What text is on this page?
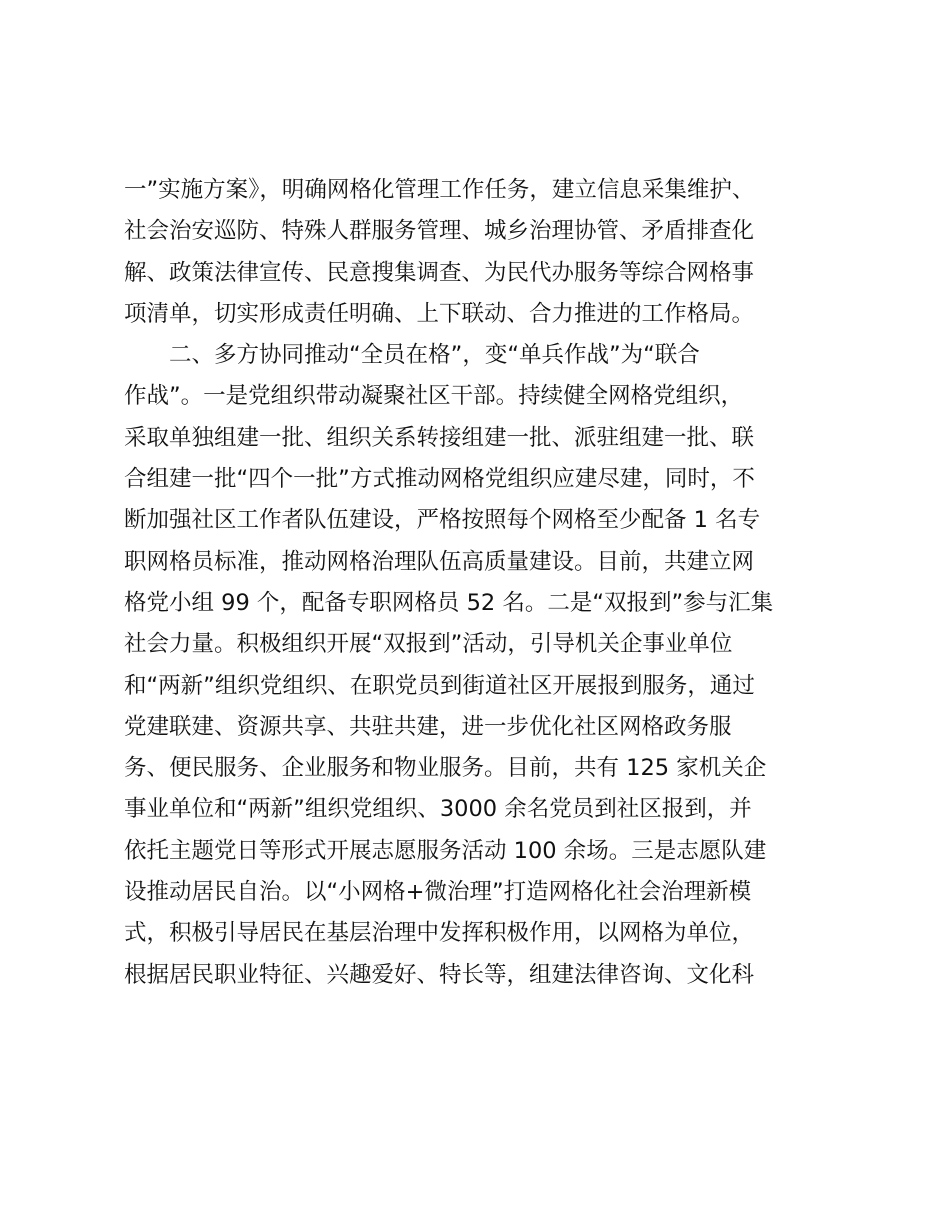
一”实施方案》，明确网格化管理工作任务，建立信息采集维护、
社会治安巡防、特殊人群服务管理、城乡治理协管、矛盾排查化
解、政策法律宣传、民意搜集调查、为民代办服务等综合网格事
项清单，切实形成责任明确、上下联动、合力推进的工作格局。
　　二、多方协同推动“全员在格”，变“单兵作战”为“联合
作战”。一是党组织带动凝聚社区干部。持续健全网格党组织，
采取单独组建一批、组织关系转接组建一批、派驻组建一批、联
合组建一批“四个一批”方式推动网格党组织应建尽建，同时，不
断加强社区工作者队伍建设，严格按照每个网格至少配备 1 名专
职网格员标准，推动网格治理队伍高质量建设。目前，共建立网
格党小组 99 个，配备专职网格员 52 名。二是“双报到”参与汇集
社会力量。积极组织开展“双报到”活动，引导机关企事业单位
和“两新”组织党组织、在职党员到街道社区开展报到服务，通过
党建联建、资源共享、共驻共建，进一步优化社区网格政务服
务、便民服务、企业服务和物业服务。目前，共有 125 家机关企
事业单位和“两新”组织党组织、3000 余名党员到社区报到，并
依托主题党日等形式开展志愿服务活动 100 余场。三是志愿队建
设推动居民自治。以“小网格+微治理”打造网格化社会治理新模
式，积极引导居民在基层治理中发挥积极作用，以网格为单位，
根据居民职业特征、兴趣爱好、特长等，组建法律咨询、文化科
